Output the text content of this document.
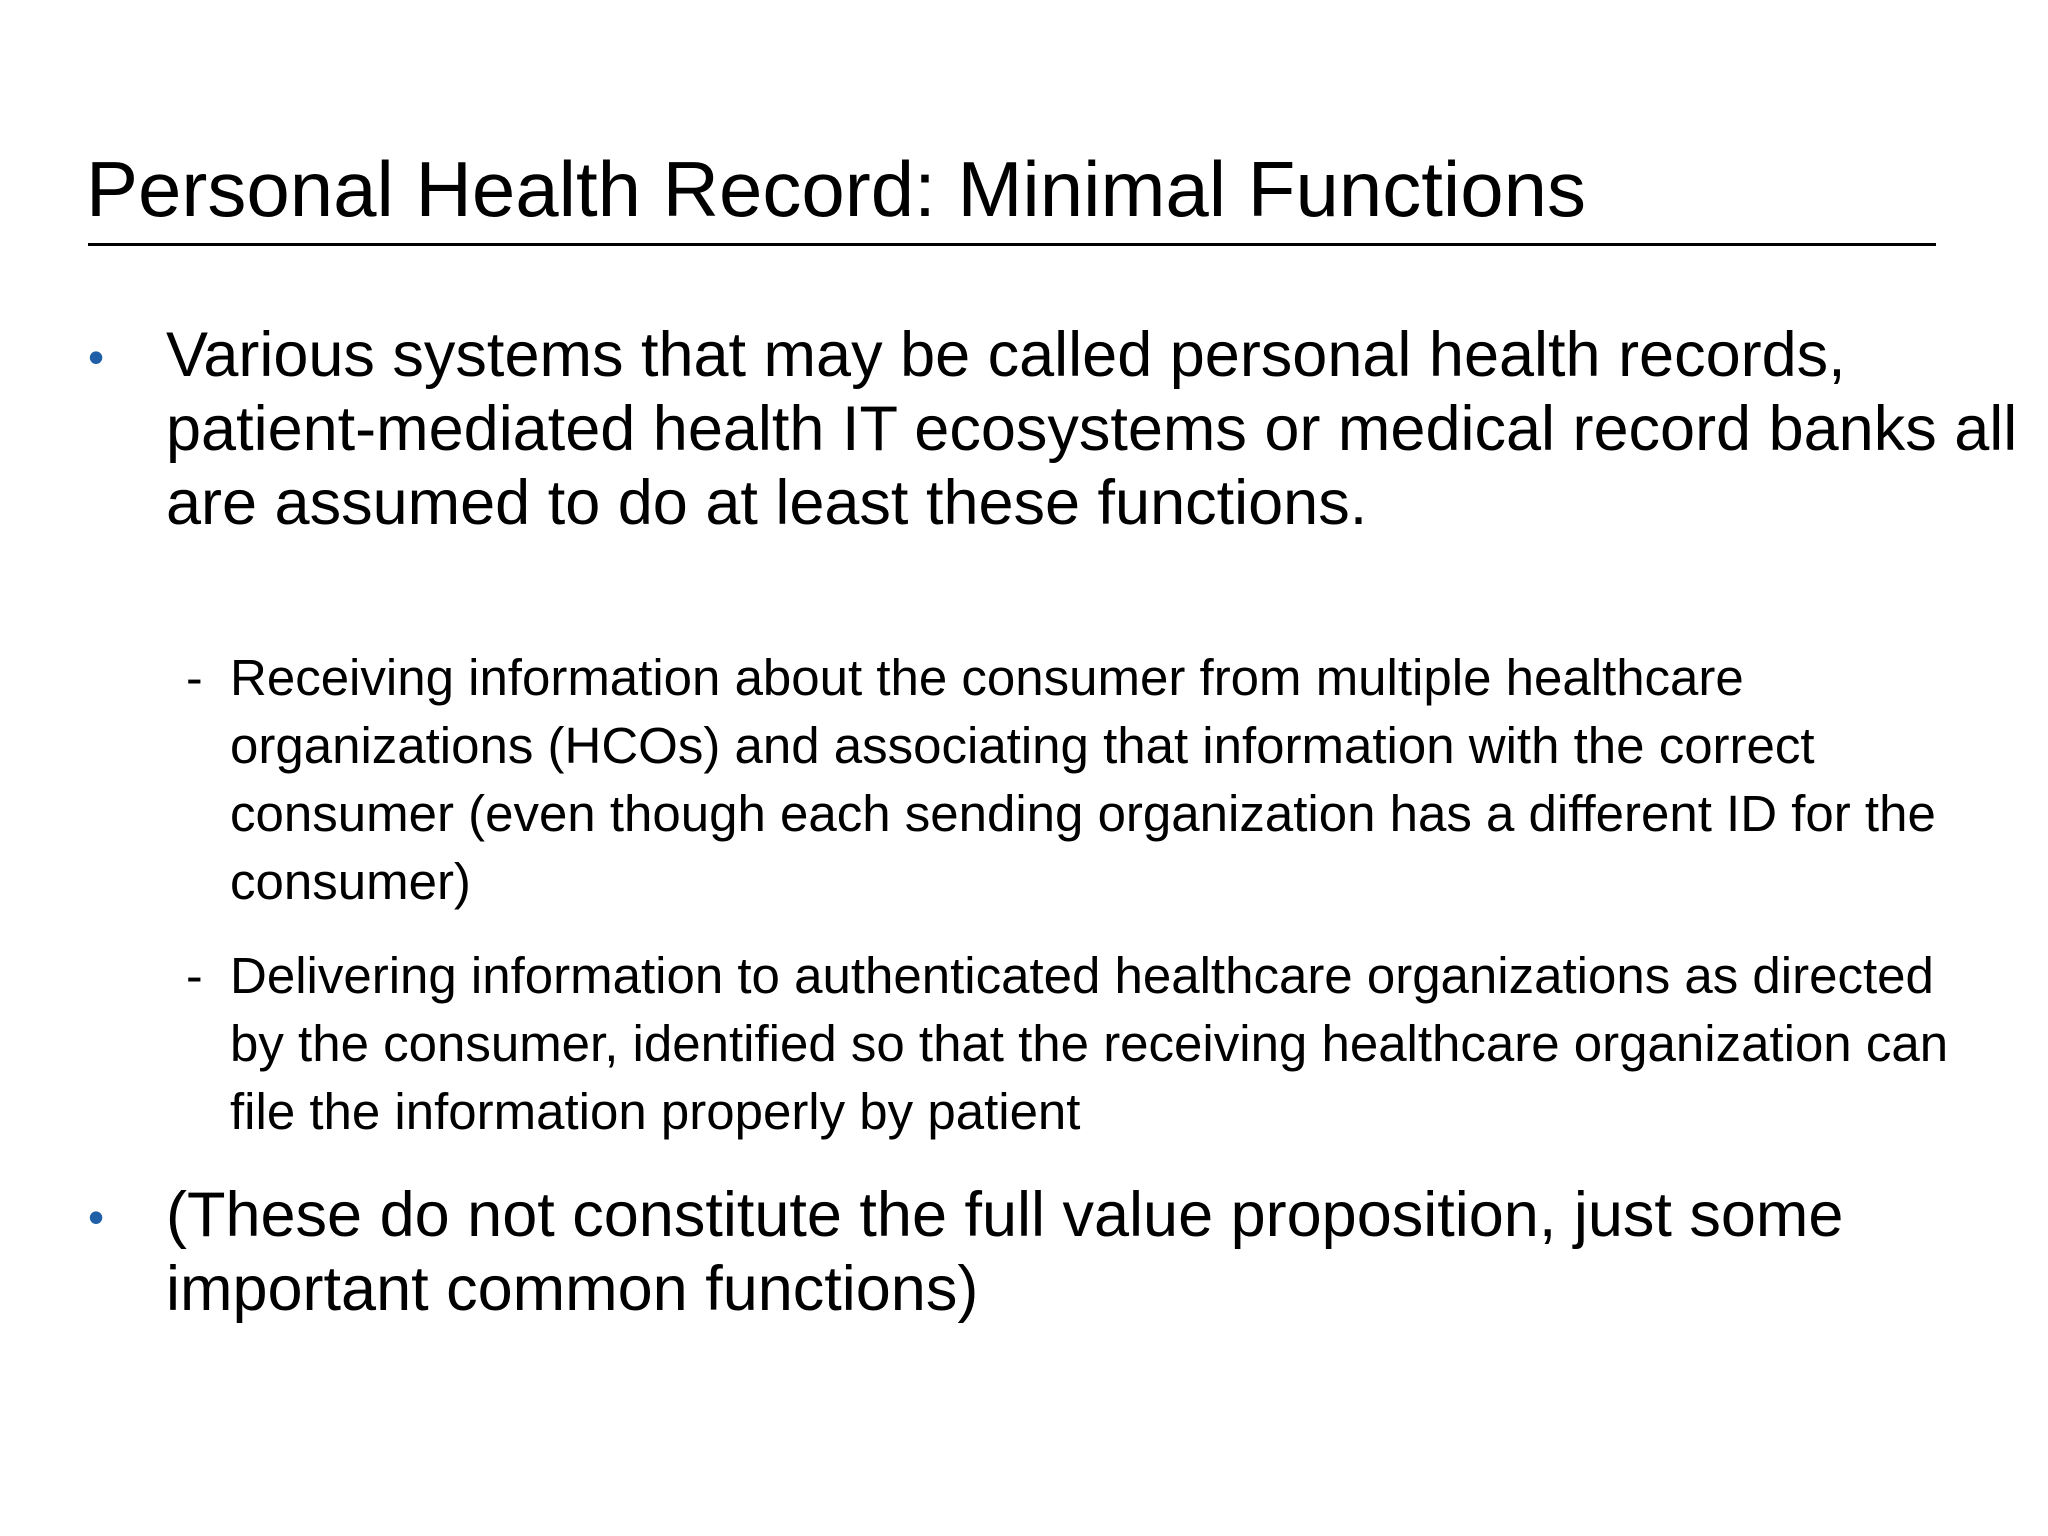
Personal Health Record: Minimal Functions
• Various systems that may be called personal health records, patient-mediated health IT ecosystems or medical record banks all are assumed to do at least these functions.
- Receiving information about the consumer from multiple healthcare organizations (HCOs) and associating that information with the correct consumer (even though each sending organization has a different ID for the consumer)
- Delivering information to authenticated healthcare organizations as directed by the consumer, identified so that the receiving healthcare organization can file the information properly by patient
• (These do not constitute the full value proposition, just some important common functions)
